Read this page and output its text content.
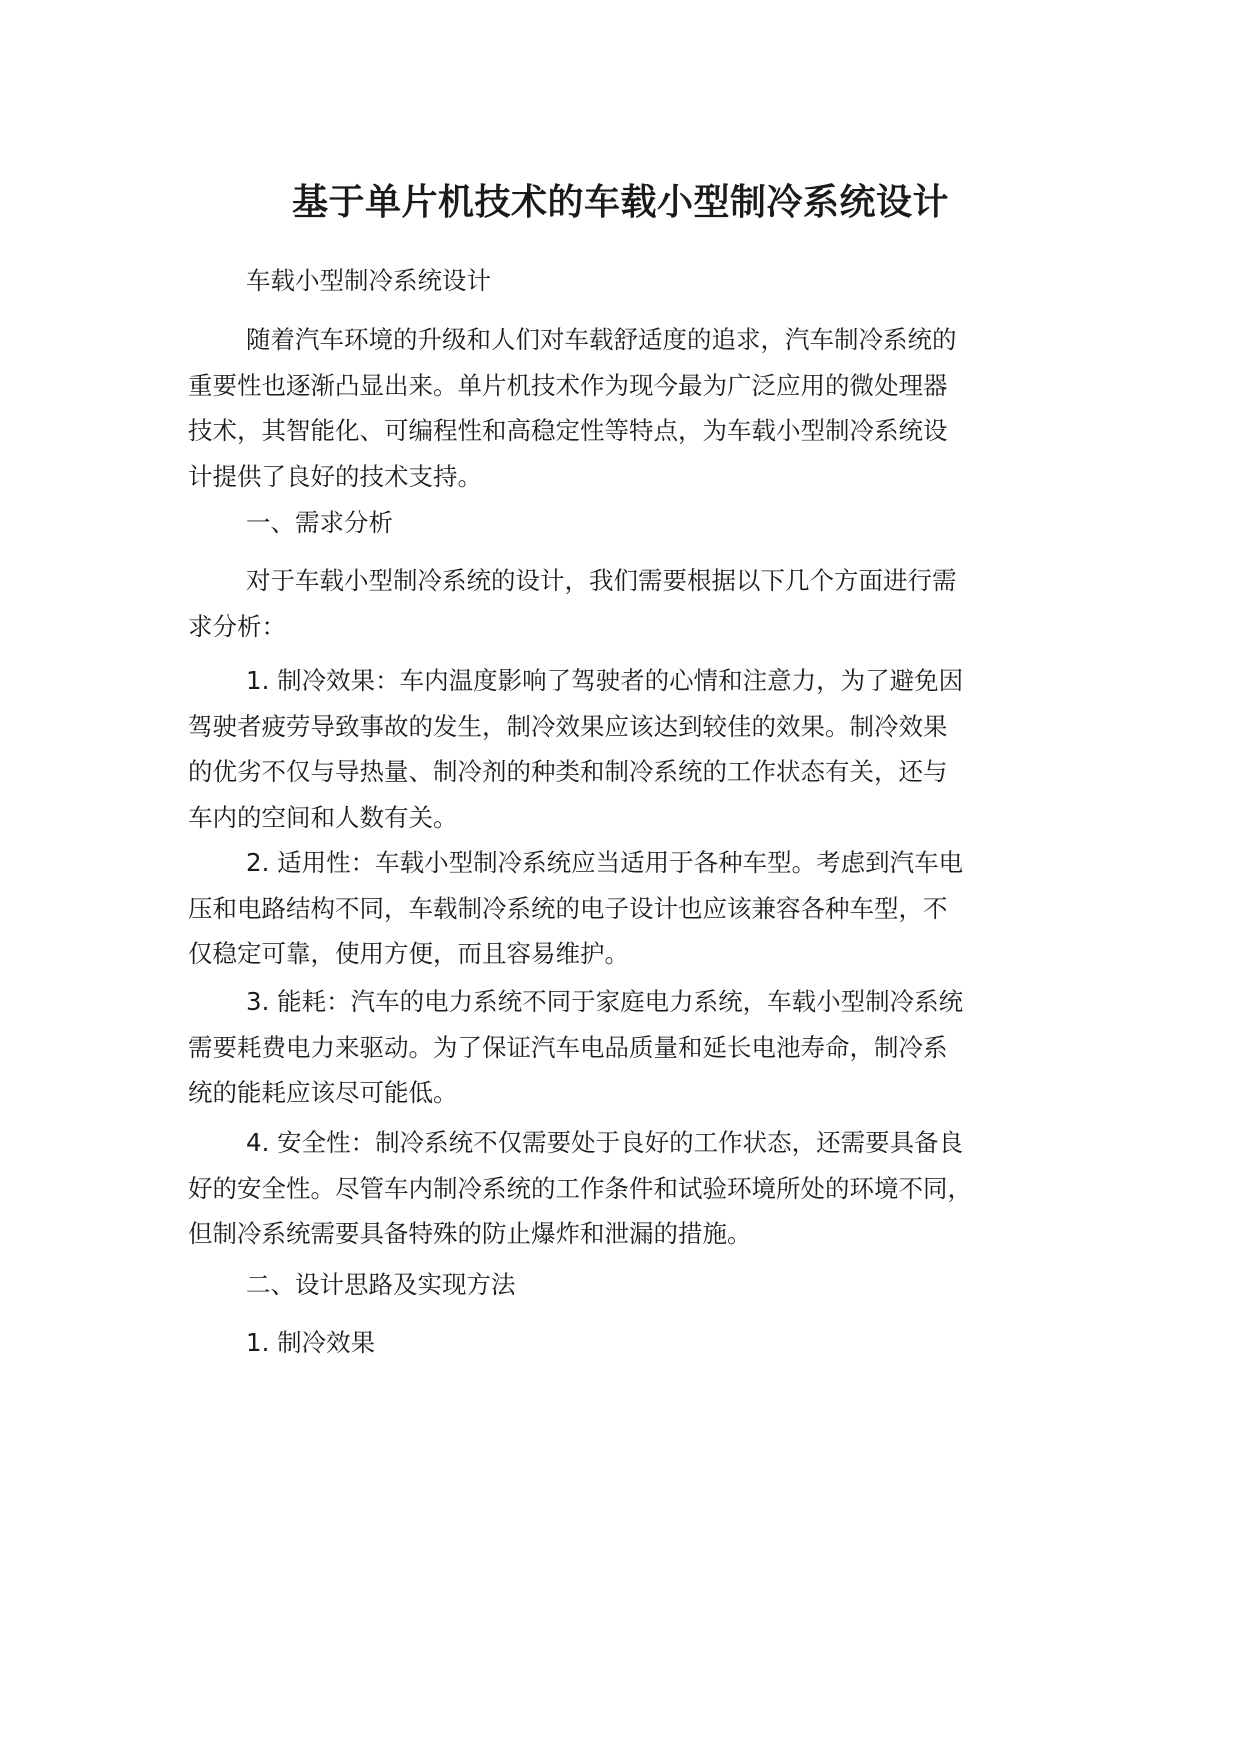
基于单片机技术的车载小型制冷系统设计
车载小型制冷系统设计
随着汽车环境的升级和人们对车载舒适度的追求，汽车制冷系统的
重要性也逐渐凸显出来。单片机技术作为现今最为广泛应用的微处理器
技术，其智能化、可编程性和高稳定性等特点，为车载小型制冷系统设
计提供了良好的技术支持。
一、需求分析
对于车载小型制冷系统的设计，我们需要根据以下几个方面进行需
求分析：
1. 制冷效果：车内温度影响了驾驶者的心情和注意力，为了避免因
驾驶者疲劳导致事故的发生，制冷效果应该达到较佳的效果。制冷效果
的优劣不仅与导热量、制冷剂的种类和制冷系统的工作状态有关，还与
车内的空间和人数有关。
2. 适用性：车载小型制冷系统应当适用于各种车型。考虑到汽车电
压和电路结构不同，车载制冷系统的电子设计也应该兼容各种车型，不
仅稳定可靠，使用方便，而且容易维护。
3. 能耗：汽车的电力系统不同于家庭电力系统，车载小型制冷系统
需要耗费电力来驱动。为了保证汽车电品质量和延长电池寿命，制冷系
统的能耗应该尽可能低。
4. 安全性：制冷系统不仅需要处于良好的工作状态，还需要具备良
好的安全性。尽管车内制冷系统的工作条件和试验环境所处的环境不同，
但制冷系统需要具备特殊的防止爆炸和泄漏的措施。
二、设计思路及实现方法
1. 制冷效果
